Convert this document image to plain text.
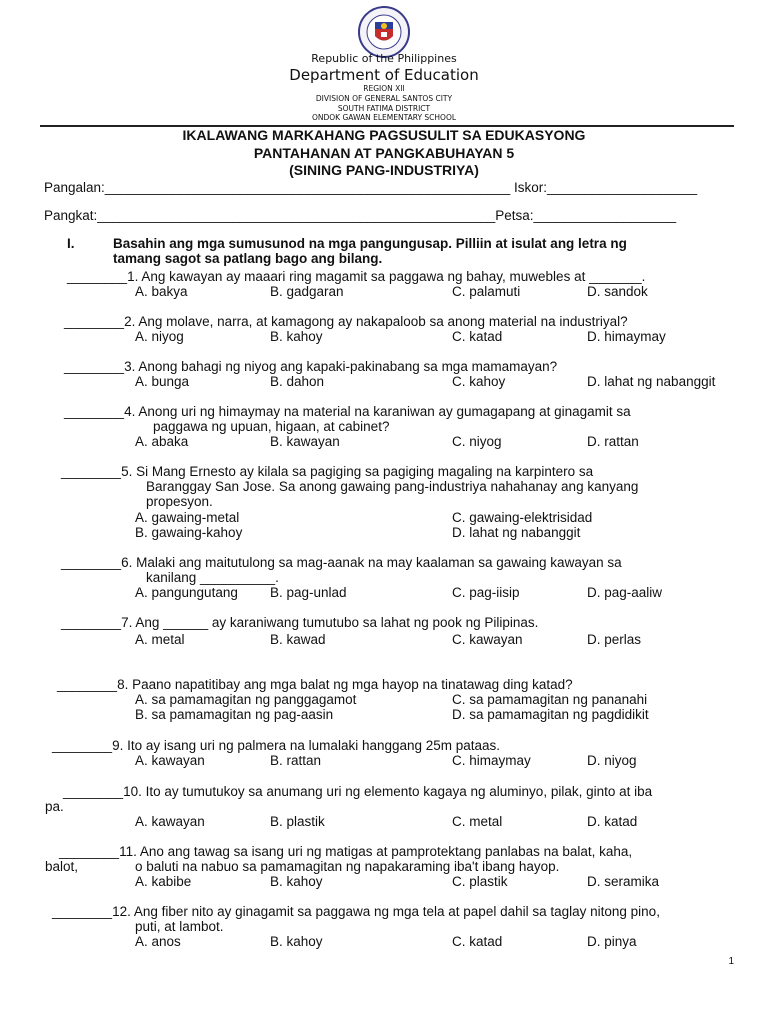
Republic of the Philippines
Department of Education
REGION XII
DIVISION OF GENERAL SANTOS CITY
SOUTH FATIMA DISTRICT
ONDOK GAWAN ELEMENTARY SCHOOL
IKALAWANG MARKAHANG PAGSUSULIT SA EDUKASYONG
PANTAHANAN AT PANGKABUHAYAN 5
(SINING PANG-INDUSTRIYA)
Pangalan:______________________________________________________ Iskor:____________________
Pangkat:_____________________________________________________Petsa:___________________
I.	Basahin ang mga sumusunod na mga pangungusap. Pilliin at isulat ang letra ng
tamang sagot sa patlang bago ang bilang.
________1. Ang kawayan ay maaari ring magamit sa paggawa ng bahay, muwebles at _______.
A. bakya	B. gadgaran	C. palamuti	D. sandok
________2. Ang molave, narra, at kamagong ay nakapaloob sa anong material na industriyal?
A. niyog	B. kahoy	C. katad	D. himaymay
________3. Anong bahagi ng niyog ang kapaki-pakinabang sa mga mamamayan?
A. bunga	B. dahon	C. kahoy	D. lahat ng nabanggit
________4. Anong uri ng himaymay na material na karaniwan ay gumagapang at ginagamit sa
paggawa ng upuan, higaan, at cabinet?
A. abaka	B. kawayan	C. niyog	D. rattan
________5. Si Mang Ernesto ay kilala sa pagiging sa pagiging magaling na karpintero sa
Baranggay San Jose. Sa anong gawaing pang-industriya nahahanay ang kanyang
propesyon.
A. gawaing-metal	C. gawaing-elektrisidad
B. gawaing-kahoy	D. lahat ng nabanggit
________6. Malaki ang maitutulong sa mag-aanak na may kaalaman sa gawaing kawayan sa
kanilang __________.
A. pangungutang B. pag-unlad	C. pag-iisip	D. pag-aaliw
________7. Ang ______ ay karaniwang tumutubo sa lahat ng pook ng Pilipinas.
A. metal	B. kawad	C. kawayan	D. perlas
________8. Paano napatitibay ang mga balat ng mga hayop na tinatawag ding katad?
A. sa pamamagitan ng panggagamot	C. sa pamamagitan ng pananahi
B. sa pamamagitan ng pag-aasin	D. sa pamamagitan ng pagdidikit
________9. Ito ay isang uri ng palmera na lumalaki hanggang 25m pataas.
A. kawayan	B. rattan	C. himaymay	D. niyog
________10. Ito ay tumutukoy sa anumang uri ng elemento kagaya ng aluminyo, pilak, ginto at iba
pa.
A. kawayan	B. plastik	C. metal	D. katad
________11. Ano ang tawag sa isang uri ng matigas at pamprotektang panlabas na balat, kaha,
balot,	o baluti na nabuo sa pamamagitan ng napakaraming iba't ibang hayop.
A. kabibe	B. kahoy	C. plastik	D. seramika
________12. Ang fiber nito ay ginagamit sa paggawa ng mga tela at papel dahil sa taglay nitong pino,
puti, at lambot.
A. anos	B. kahoy	C. katad	D. pinya
1
